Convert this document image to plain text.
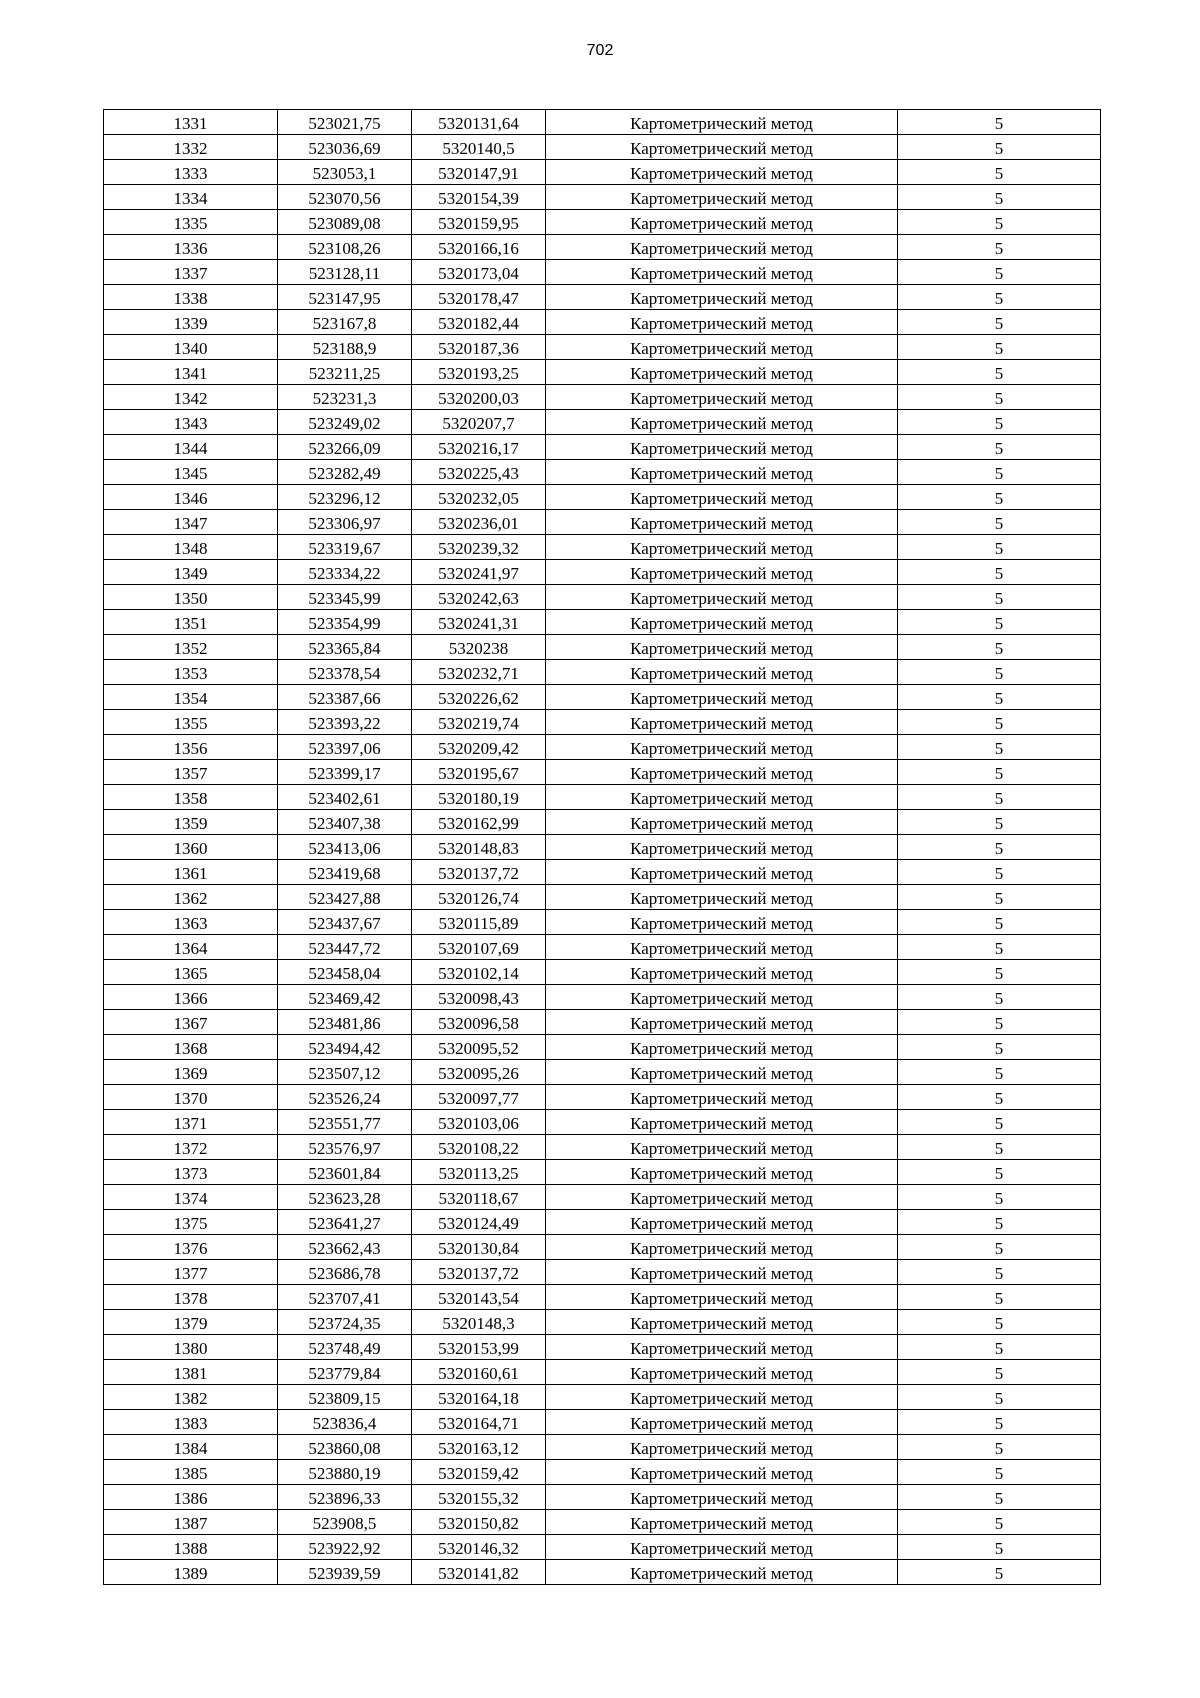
702
1331	523021,75	5320131,64	Картометрический метод	5
1332	523036,69	5320140,5	Картометрический метод	5
1333	523053,1	5320147,91	Картометрический метод	5
1334	523070,56	5320154,39	Картометрический метод	5
1335	523089,08	5320159,95	Картометрический метод	5
1336	523108,26	5320166,16	Картометрический метод	5
1337	523128,11	5320173,04	Картометрический метод	5
1338	523147,95	5320178,47	Картометрический метод	5
1339	523167,8	5320182,44	Картометрический метод	5
1340	523188,9	5320187,36	Картометрический метод	5
1341	523211,25	5320193,25	Картометрический метод	5
1342	523231,3	5320200,03	Картометрический метод	5
1343	523249,02	5320207,7	Картометрический метод	5
1344	523266,09	5320216,17	Картометрический метод	5
1345	523282,49	5320225,43	Картометрический метод	5
1346	523296,12	5320232,05	Картометрический метод	5
1347	523306,97	5320236,01	Картометрический метод	5
1348	523319,67	5320239,32	Картометрический метод	5
1349	523334,22	5320241,97	Картометрический метод	5
1350	523345,99	5320242,63	Картометрический метод	5
1351	523354,99	5320241,31	Картометрический метод	5
1352	523365,84	5320238	Картометрический метод	5
1353	523378,54	5320232,71	Картометрический метод	5
1354	523387,66	5320226,62	Картометрический метод	5
1355	523393,22	5320219,74	Картометрический метод	5
1356	523397,06	5320209,42	Картометрический метод	5
1357	523399,17	5320195,67	Картометрический метод	5
1358	523402,61	5320180,19	Картометрический метод	5
1359	523407,38	5320162,99	Картометрический метод	5
1360	523413,06	5320148,83	Картометрический метод	5
1361	523419,68	5320137,72	Картометрический метод	5
1362	523427,88	5320126,74	Картометрический метод	5
1363	523437,67	5320115,89	Картометрический метод	5
1364	523447,72	5320107,69	Картометрический метод	5
1365	523458,04	5320102,14	Картометрический метод	5
1366	523469,42	5320098,43	Картометрический метод	5
1367	523481,86	5320096,58	Картометрический метод	5
1368	523494,42	5320095,52	Картометрический метод	5
1369	523507,12	5320095,26	Картометрический метод	5
1370	523526,24	5320097,77	Картометрический метод	5
1371	523551,77	5320103,06	Картометрический метод	5
1372	523576,97	5320108,22	Картометрический метод	5
1373	523601,84	5320113,25	Картометрический метод	5
1374	523623,28	5320118,67	Картометрический метод	5
1375	523641,27	5320124,49	Картометрический метод	5
1376	523662,43	5320130,84	Картометрический метод	5
1377	523686,78	5320137,72	Картометрический метод	5
1378	523707,41	5320143,54	Картометрический метод	5
1379	523724,35	5320148,3	Картометрический метод	5
1380	523748,49	5320153,99	Картометрический метод	5
1381	523779,84	5320160,61	Картометрический метод	5
1382	523809,15	5320164,18	Картометрический метод	5
1383	523836,4	5320164,71	Картометрический метод	5
1384	523860,08	5320163,12	Картометрический метод	5
1385	523880,19	5320159,42	Картометрический метод	5
1386	523896,33	5320155,32	Картометрический метод	5
1387	523908,5	5320150,82	Картометрический метод	5
1388	523922,92	5320146,32	Картометрический метод	5
1389	523939,59	5320141,82	Картометрический метод	5
